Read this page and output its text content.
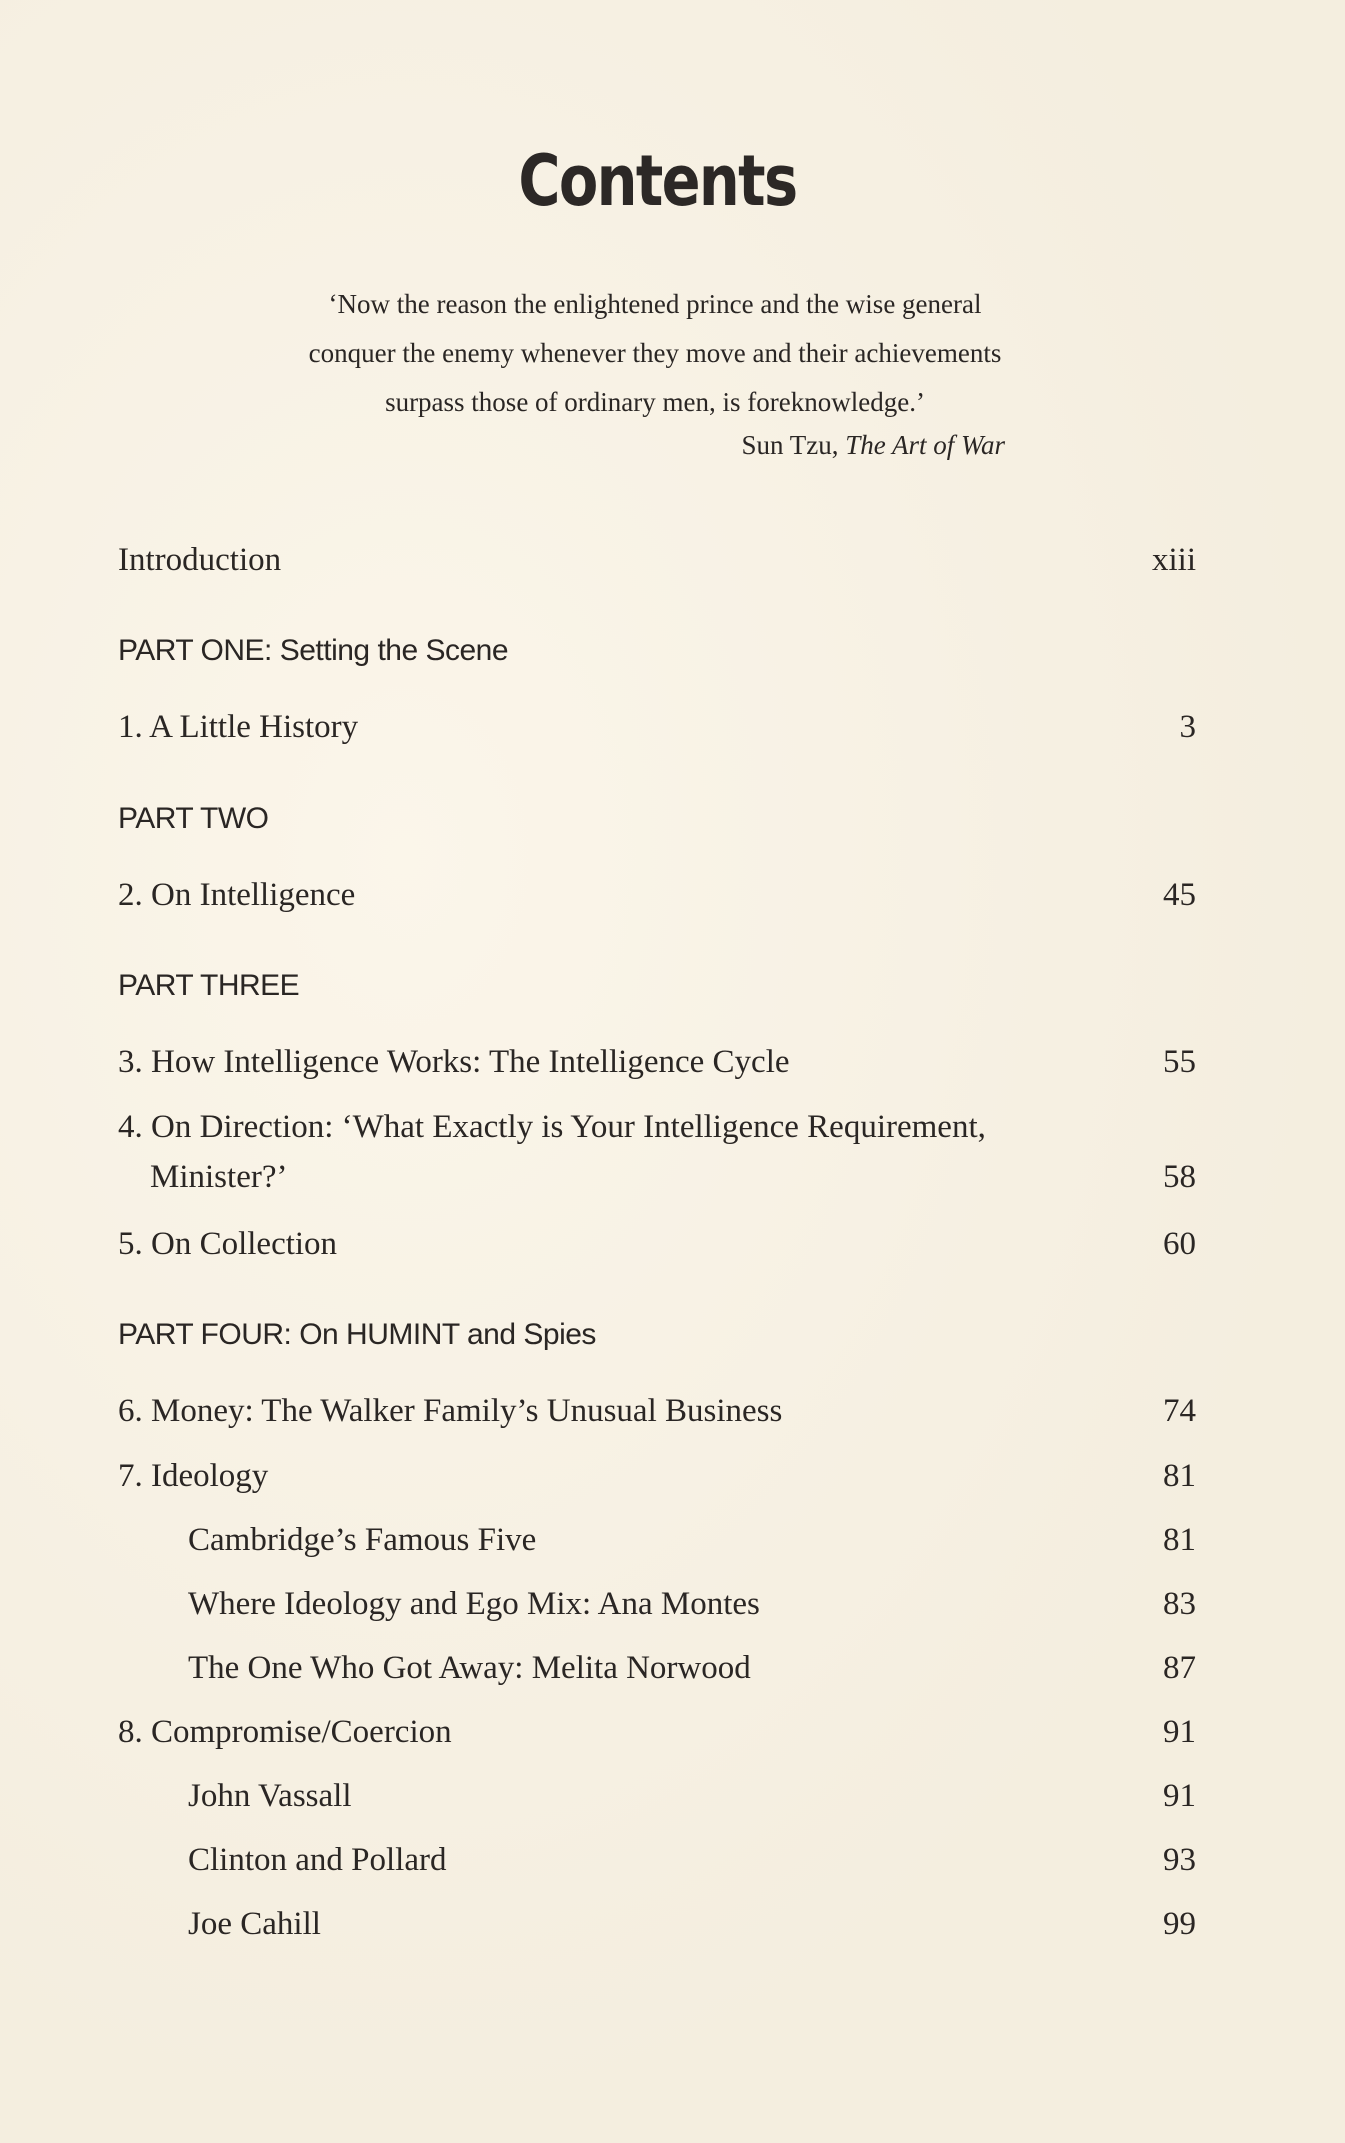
Contents
‘Now the reason the enlightened prince and the wise general
conquer the enemy whenever they move and their achievements
surpass those of ordinary men, is foreknowledge.’
Sun Tzu, The Art of War
Introduction	xiii
PART ONE: Setting the Scene
1. A Little History	3
PART TWO
2. On Intelligence	45
PART THREE
3. How Intelligence Works: The Intelligence Cycle	55
4. On Direction: ‘What Exactly is Your Intelligence Requirement,
Minister?’	58
5. On Collection	60
PART FOUR: On HUMINT and Spies
6. Money: The Walker Family’s Unusual Business	74
7. Ideology	81
Cambridge’s Famous Five	81
Where Ideology and Ego Mix: Ana Montes	83
The One Who Got Away: Melita Norwood	87
8. Compromise/Coercion	91
John Vassall	91
Clinton and Pollard	93
Joe Cahill	99
